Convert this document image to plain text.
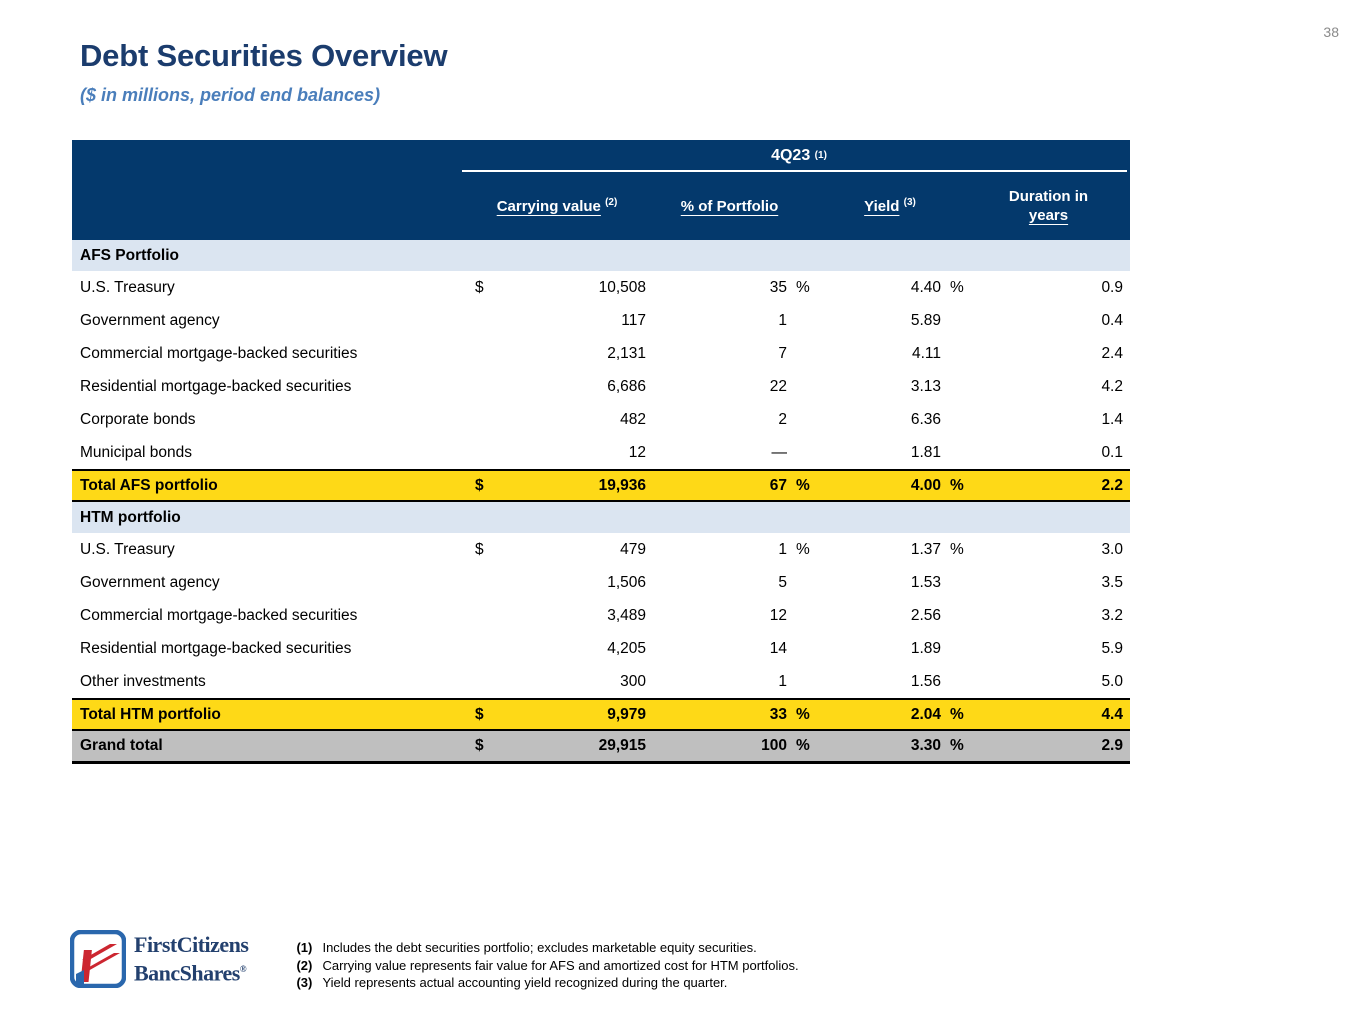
38
Debt Securities Overview
($ in millions, period end balances)
4Q23
(1)
Carrying value $^{(2)}$	% of Portfolio	Yield $^{(3)}$	Duration in
years
AFS Portfolio
U.S. Treasury	$	10,508	35 %	4.40 %	0.9
Government agency	117	1	5.89	0.4
Commercial mortgage-backed securities	2,131	7	4.11	2.4
Residential mortgage-backed securities	6,686	22	3.13	4.2
Corporate bonds	482	2	6.36	1.4
Municipal bonds	12	—	1.81	0.1
Total AFS portfolio	$	19,936	67 %	4.00 %	2.2
HTM portfolio
U.S. Treasury	$	479	1 %	1.37 %	3.0
Government agency	1,506	5	1.53	3.5
Commercial mortgage-backed securities	3,489	12	2.56	3.2
Residential mortgage-backed securities	4,205	14	1.89	5.9
Other investments	300	1	1.56	5.0
Total HTM portfolio	$	9,979	33 %	2.04 %	4.4
Grand total	$	29,915	100 %	3.30 %	2.9
FirstCitizens
BancShares®
(1) Includes the debt securities portfolio; excludes marketable equity securities.
(2) Carrying value represents fair value for AFS and amortized cost for HTM portfolios.
(3) Yield represents actual accounting yield recognized during the quarter.
